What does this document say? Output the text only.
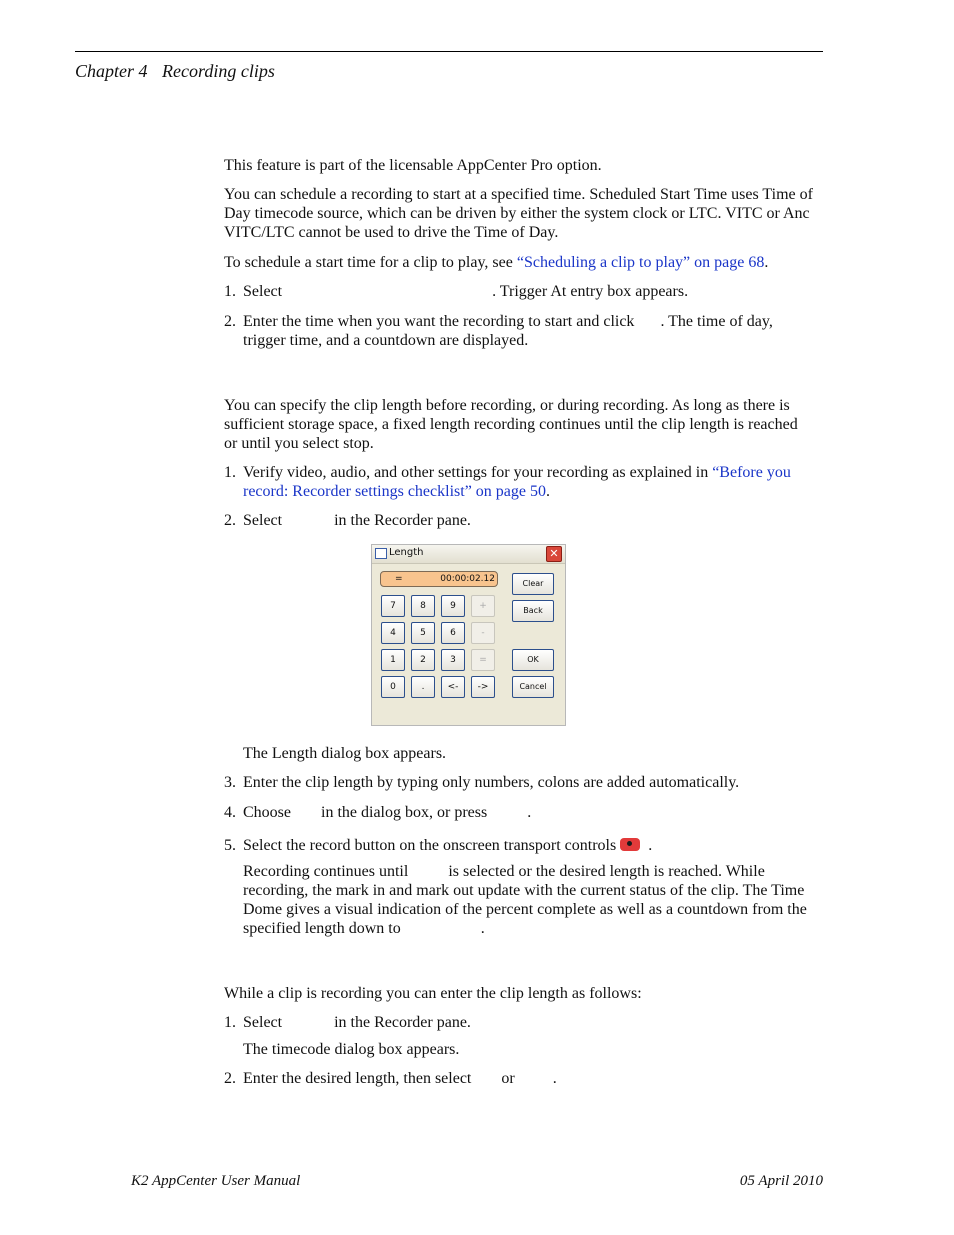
Chapter 4 Recording clips
This feature is part of the licensable AppCenter Pro option.
You can schedule a recording to start at a specified time. Scheduled Start Time uses Time of Day timecode source, which can be driven by either the system clock or LTC. VITC or Anc VITC/LTC cannot be used to drive the Time of Day.
To schedule a start time for a clip to play, see “Scheduling a clip to play” on page 68.
1. Select	. Trigger At entry box appears.
2. Enter the time when you want the recording to start and click . The time of day, trigger time, and a countdown are displayed.
You can specify the clip length before recording, or during recording. As long as there is sufficient storage space, a fixed length recording continues until the clip length is reached or until you select stop.
1. Verify video, audio, and other settings for your recording as explained in “Before you record: Recorder settings checklist” on page 50.
2. Select	in the Recorder pane.
Length	✕
=	00:00:02.12
7	8	9	+
4	5	6	-
1	2	3	=
0	.	<-	->
Clear
Back
OK
Cancel
The Length dialog box appears.
3. Enter the clip length by typing only numbers, colons are added automatically.
4. Choose in the dialog box, or press	.
5. Select the record button on the onscreen transport controls .
Recording continues until	is selected or the desired length is reached. While recording, the mark in and mark out update with the current status of the clip. The Time Dome gives a visual indication of the percent complete as well as a countdown from the specified length down to	.
While a clip is recording you can enter the clip length as follows:
1. Select	in the Recorder pane.
The timecode dialog box appears.
2. Enter the desired length, then select or .
K2 AppCenter User Manual	05 April 2010
